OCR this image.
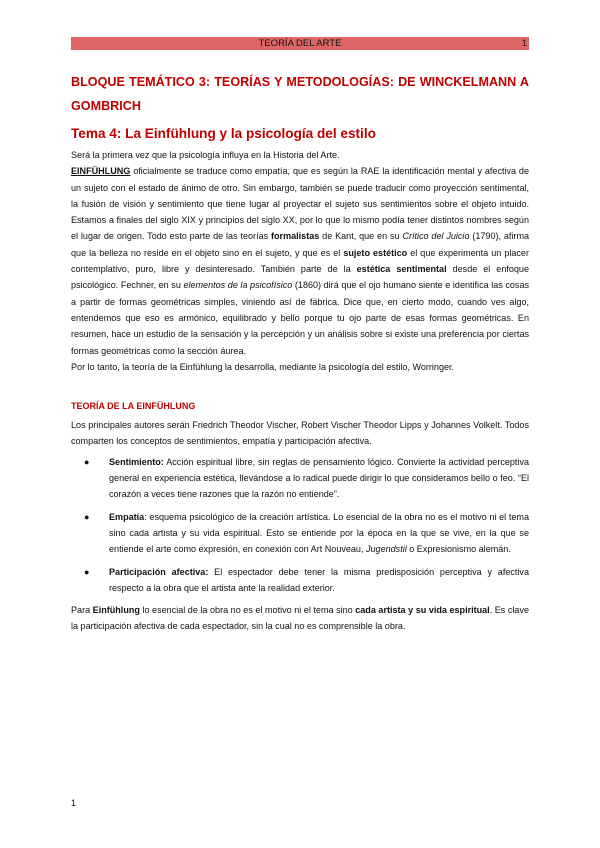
TEORÍA DEL ARTE	1
BLOQUE TEMÁTICO 3: TEORÍAS Y METODOLOGÍAS: DE WINCKELMANN A GOMBRICH
Tema 4: La Einfühlung y la psicología del estilo

Será la primera vez que la psicología influya en la Historia del Arte.

EINFÜHLUNG oficialmente se traduce como empatía, que es según la RAE la identificación mental y afectiva de un sujeto con el estado de ánimo de otro. Sin embargo, también se puede traducir como proyección sentimental, la fusión de visión y sentimiento que tiene lugar al proyectar el sujeto sus sentimientos sobre el objeto intuido. Estamos a finales del siglo XIX y principios del siglo XX, por lo que lo mismo podía tener distintos nombres según el lugar de origen. Todo esto parte de las teorías formalistas de Kant, que en su Crítico del Juicio (1790), afirma que la belleza no reside en el objeto sino en el sujeto, y que es el sujeto estético el que experimenta un placer contemplativo, puro, libre y desinteresado. También parte de la estética sentimental desde el enfoque psicológico. Fechner, en su elementos de la psicofísico (1860) dirá que el ojo humano siente e identifica las cosas a partir de formas geométricas simples, viniendo así de fábrica. Dice que, en cierto modo, cuando ves algo, entendemos que eso es armónico, equilibrado y bello porque tu ojo parte de esas formas geométricas. En resumen, hace un estudio de la sensación y la percepción y un análisis sobre si existe una preferencia por ciertas formas geométricas como la sección áurea.

Por lo tanto, la teoría de la Einfühlung la desarrolla, mediante la psicología del estilo, Worringer.

TEORÍA DE LA EINFÜHLUNG

Los principales autores serán Friedrich Theodor Vischer, Robert Vischer Theodor Lipps y Johannes Volkelt. Todos comparten los conceptos de sentimientos, empatía y participación afectiva.

● Sentimiento: Acción espiritual libre, sin reglas de pensamiento lógico. Convierte la actividad perceptiva general en experiencia estética, llevándose a lo radical puede dirigir lo que consideramos bello o feo. “El corazón a veces tiene razones que la razón no entiende”.
● Empatía: esquema psicológico de la creación artística. Lo esencial de la obra no es el motivo ni el tema sino cada artista y su vida espiritual. Esto se entiende por la época en la que se vive, en la que se entiende el arte como expresión, en conexión con Art Nouveau, Jugendstil o Expresionismo alemán.
● Participación afectiva: El espectador debe tener la misma predisposición perceptiva y afectiva respecto a la obra que el artista ante la realidad exterior.

Para Einfühlung lo esencial de la obra no es el motivo ni el tema sino cada artista y su vida espiritual. Es clave la participación afectiva de cada espectador, sin la cual no es comprensible la obra.

1
